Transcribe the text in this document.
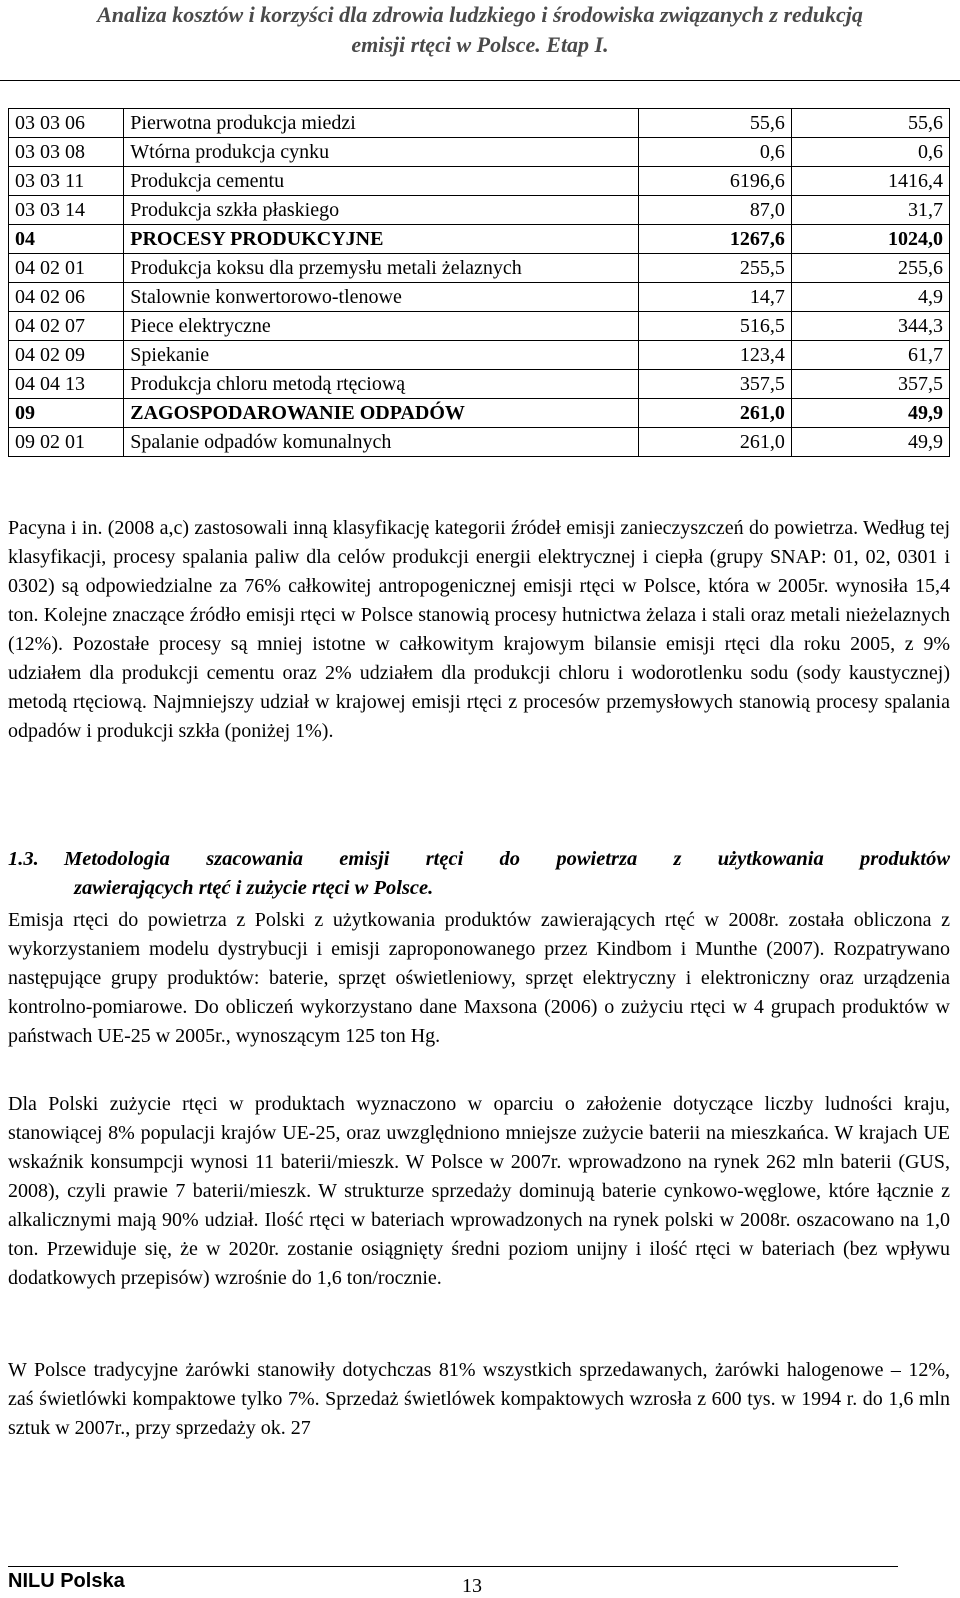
Analiza kosztów i korzyści dla zdrowia ludzkiego i środowiska związanych z redukcją
emisji rtęci w Polsce. Etap I.
03 03 06	Pierwotna produkcja miedzi	55,6	55,6
03 03 08	Wtórna produkcja cynku	0,6	0,6
03 03 11	Produkcja cementu	6196,6	1416,4
03 03 14	Produkcja szkła płaskiego	87,0	31,7
04	PROCESY PRODUKCYJNE	1267,6	1024,0
04 02 01	Produkcja koksu dla przemysłu metali żelaznych	255,5	255,6
04 02 06	Stalownie konwertorowo-tlenowe	14,7	4,9
04 02 07	Piece elektryczne	516,5	344,3
04 02 09	Spiekanie	123,4	61,7
04 04 13	Produkcja chloru metodą rtęciową	357,5	357,5
09	ZAGOSPODAROWANIE ODPADÓW	261,0	49,9
09 02 01	Spalanie odpadów komunalnych	261,0	49,9
Pacyna i in. (2008 a,c) zastosowali inną klasyfikację kategorii źródeł emisji zanieczyszczeń do powietrza. Według tej klasyfikacji, procesy spalania paliw dla celów produkcji energii elektrycznej i ciepła (grupy SNAP: 01, 02, 0301 i 0302) są odpowiedzialne za 76% całkowitej antropogenicznej emisji rtęci w Polsce, która w 2005r. wynosiła 15,4 ton. Kolejne znaczące źródło emisji rtęci w Polsce stanowią procesy hutnictwa żelaza i stali oraz metali nieżelaznych (12%). Pozostałe procesy są mniej istotne w całkowitym krajowym bilansie emisji rtęci dla roku 2005, z 9% udziałem dla produkcji cementu oraz 2% udziałem dla produkcji chloru i wodorotlenku sodu (sody kaustycznej) metodą rtęciową. Najmniejszy udział w krajowej emisji rtęci z procesów przemysłowych stanowią procesy spalania odpadów i produkcji szkła (poniżej 1%).
1.3. Metodologia szacowania emisji rtęci do powietrza z użytkowania produktów
zawierających rtęć i zużycie rtęci w Polsce.
Emisja rtęci do powietrza z Polski z użytkowania produktów zawierających rtęć w 2008r. została obliczona z wykorzystaniem modelu dystrybucji i emisji zaproponowanego przez Kindbom i Munthe (2007). Rozpatrywano następujące grupy produktów: baterie, sprzęt oświetleniowy, sprzęt elektryczny i elektroniczny oraz urządzenia kontrolno-pomiarowe. Do obliczeń wykorzystano dane Maxsona (2006) o zużyciu rtęci w 4 grupach produktów w państwach UE-25 w 2005r., wynoszącym 125 ton Hg.
Dla Polski zużycie rtęci w produktach wyznaczono w oparciu o założenie dotyczące liczby ludności kraju, stanowiącej 8% populacji krajów UE-25, oraz uwzględniono mniejsze zużycie baterii na mieszkańca. W krajach UE wskaźnik konsumpcji wynosi 11 baterii/mieszk. W Polsce w 2007r. wprowadzono na rynek 262 mln baterii (GUS, 2008), czyli prawie 7 baterii/mieszk. W strukturze sprzedaży dominują baterie cynkowo-węglowe, które łącznie z alkalicznymi mają 90% udział. Ilość rtęci w bateriach wprowadzonych na rynek polski w 2008r. oszacowano na 1,0 ton. Przewiduje się, że w 2020r. zostanie osiągnięty średni poziom unijny i ilość rtęci w bateriach (bez wpływu dodatkowych przepisów) wzrośnie do 1,6 ton/rocznie.
W Polsce tradycyjne żarówki stanowiły dotychczas 81% wszystkich sprzedawanych, żarówki halogenowe – 12%, zaś świetlówki kompaktowe tylko 7%. Sprzedaż świetlówek kompaktowych wzrosła z 600 tys. w 1994 r. do 1,6 mln sztuk w 2007r., przy sprzedaży ok. 27
NILU Polska	13
